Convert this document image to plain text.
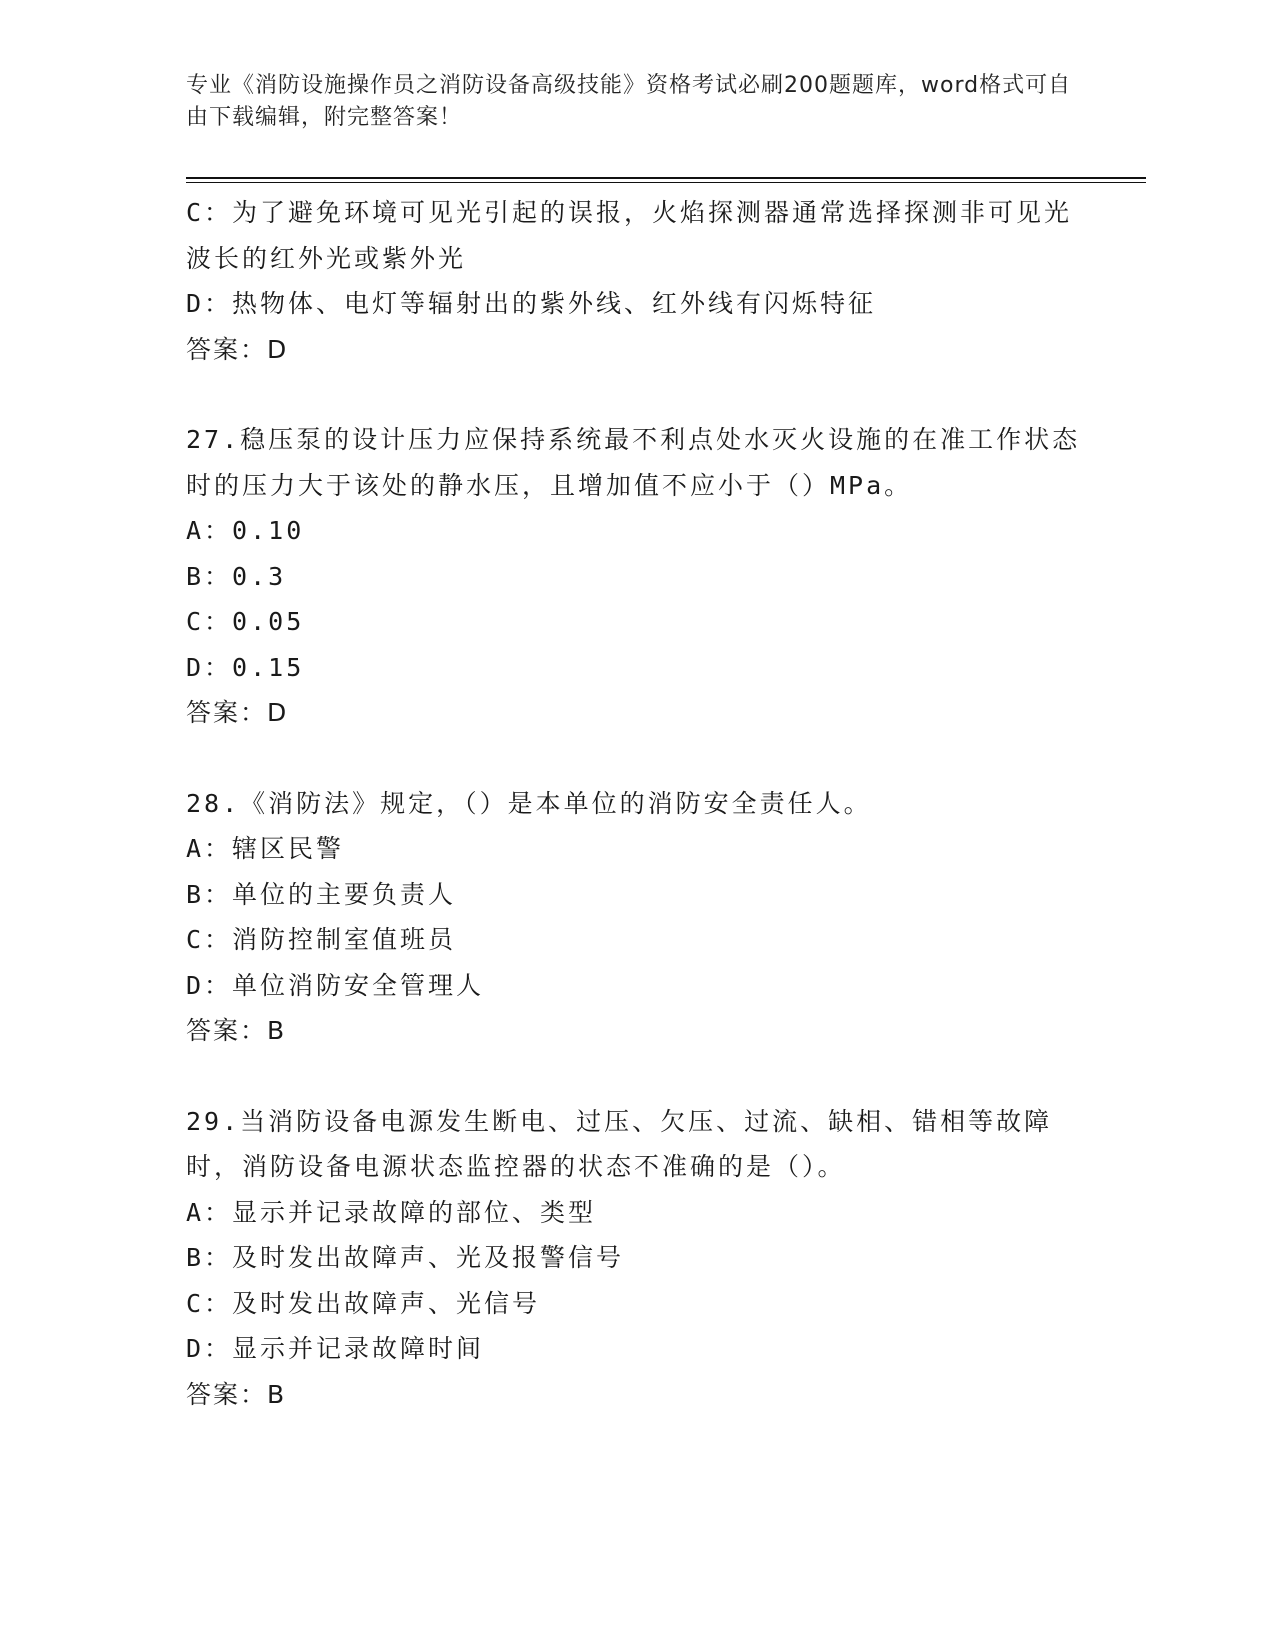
专业《消防设施操作员之消防设备高级技能》资格考试必刷200题题库，word格式可自由下载编辑，附完整答案！
C：为了避免环境可见光引起的误报，火焰探测器通常选择探测非可见光波长的红外光或紫外光
D：热物体、电灯等辐射出的紫外线、红外线有闪烁特征
答案：D
27.稳压泵的设计压力应保持系统最不利点处水灭火设施的在准工作状态时的压力大于该处的静水压，且增加值不应小于（）MPa。
A：0.10
B：0.3
C：0.05
D：0.15
答案：D
28.《消防法》规定，（）是本单位的消防安全责任人。
A：辖区民警
B：单位的主要负责人
C：消防控制室值班员
D：单位消防安全管理人
答案：B
29.当消防设备电源发生断电、过压、欠压、过流、缺相、错相等故障时，消防设备电源状态监控器的状态不准确的是（）。
A：显示并记录故障的部位、类型
B：及时发出故障声、光及报警信号
C：及时发出故障声、光信号
D：显示并记录故障时间
答案：B
